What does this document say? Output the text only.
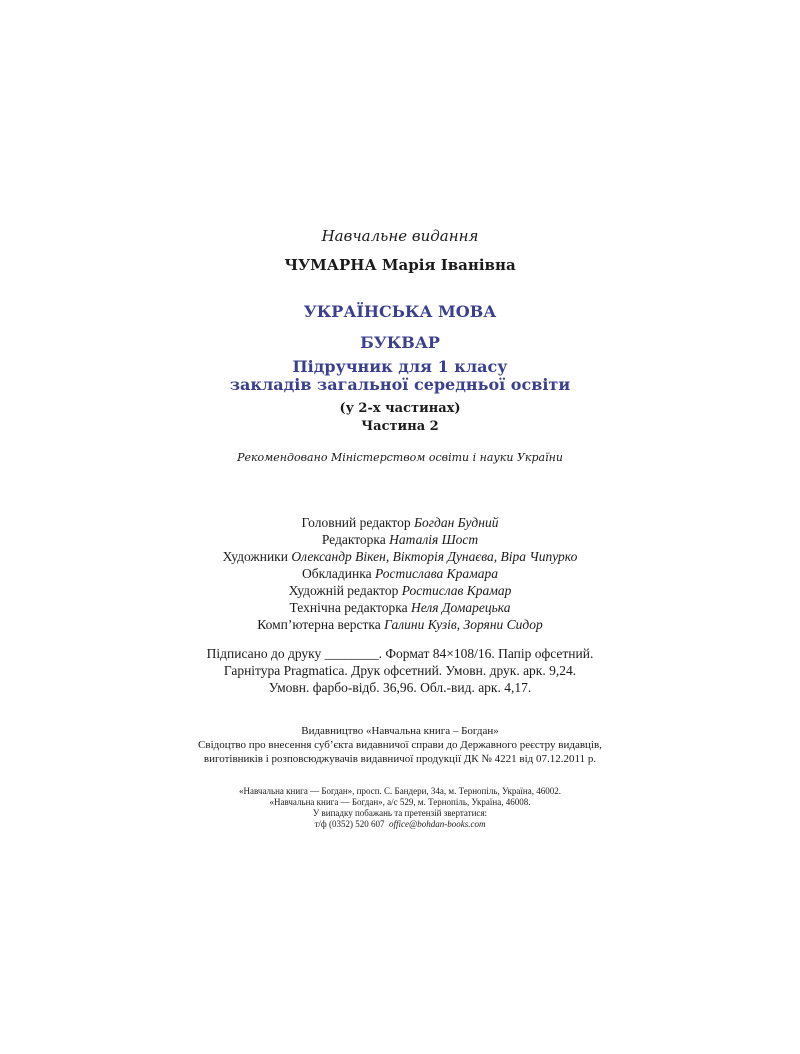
Навчальне видання
ЧУМАРНА Марія Іванівна
УКРАЇНСЬКА МОВА
БУКВАР
Підручник для 1 класу
закладів загальної середньої освіти
(у 2-х частинах)
Частина 2
Рекомендовано Міністерством освіти і науки України
Головний редактор Богдан Будний
Редакторка Наталія Шост
Художники Олександр Вікен, Вікторія Дунаєва, Віра Чипурко
Обкладинка Ростислава Крамара
Художній редактор Ростислав Крамар
Технічна редакторка Неля Домарецька
Комп’ютерна верстка Галини Кузів, Зоряни Сидор
Підписано до друку ________. Формат 84×108/16. Папір офсетний.
Гарнітура Pragmatica. Друк офсетний. Умовн. друк. арк. 9,24.
Умовн. фарбо-відб. 36,96. Обл.-вид. арк. 4,17.
Видавництво «Навчальна книга – Богдан»
Свідоцтво про внесення суб’єкта видавничої справи до Державного реєстру видавців,
виготівників і розповсюджувачів видавничої продукції ДК № 4221 від 07.12.2011 р.
«Навчальна книга — Богдан», просп. С. Бандери, 34а, м. Тернопіль, Україна, 46002.
«Навчальна книга — Богдан», а/с 529, м. Тернопіль, Україна, 46008.
У випадку побажань та претензій звертатися:
т/ф (0352) 520 607 office@bohdan-books.com
